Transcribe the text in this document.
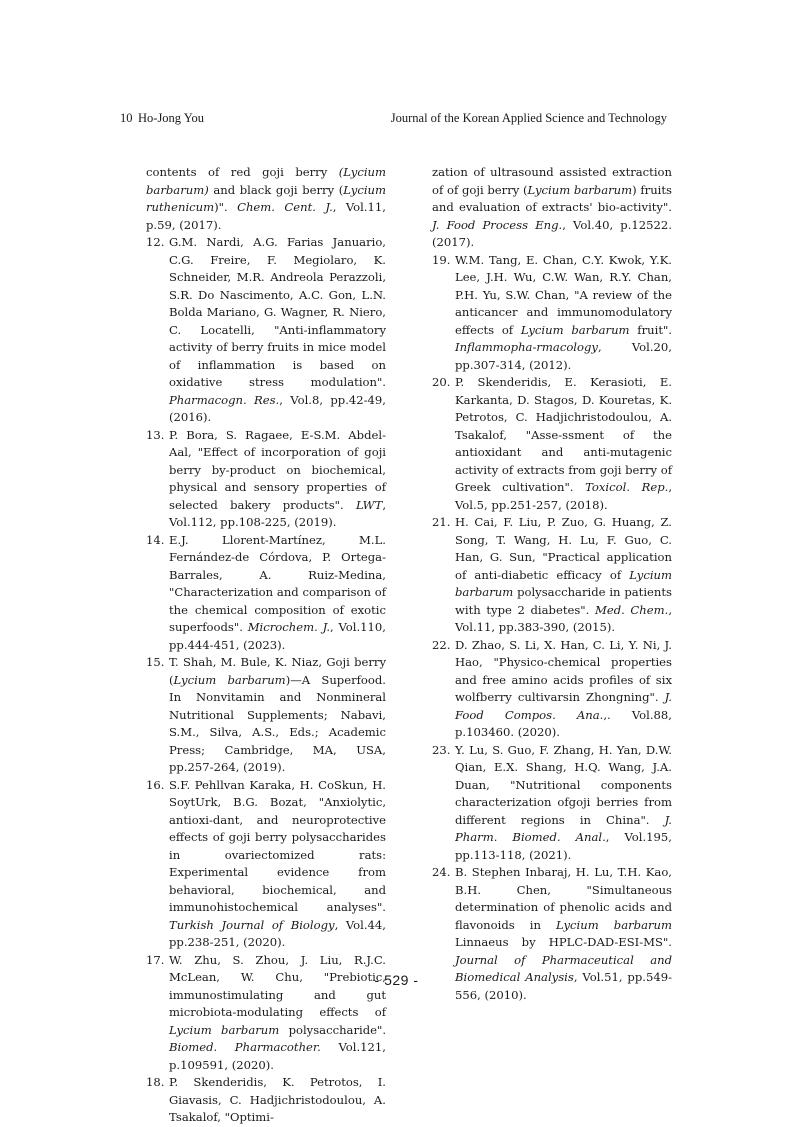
10 Ho-Jong You	Journal of the Korean Applied Science and Technology
contents of red goji berry (Lycium barbarum) and black goji berry (Lycium ruthenicum)". Chem. Cent. J., Vol.11, p.59, (2017).
12. G.M. Nardi, A.G. Farias Januario, C.G. Freire, F. Megiolaro, K. Schneider, M.R. Andreola Perazzoli, S.R. Do Nascimento, A.C. Gon, L.N. Bolda Mariano, G. Wagner, R. Niero, C. Locatelli, "Anti-inflammatory activity of berry fruits in mice model of inflammation is based on oxidative stress modulation". Pharmacogn. Res., Vol.8, pp.42-49, (2016).
13. P. Bora, S. Ragaee, E-S.M. Abdel-Aal, "Effect of incorporation of goji berry by-product on biochemical, physical and sensory properties of selected bakery products". LWT, Vol.112, pp.108-225, (2019).
14. E.J. Llorent-Martínez, M.L. Fernández-de Córdova, P. Ortega-Barrales, A. Ruiz-Medina, "Characterization and comparison of the chemical composition of exotic superfoods". Microchem. J., Vol.110, pp.444-451, (2023).
15. T. Shah, M. Bule, K. Niaz, Goji berry (Lycium barbarum)—A Superfood. In Nonvitamin and Nonmineral Nutritional Supplements; Nabavi, S.M., Silva, A.S., Eds.; Academic Press; Cambridge, MA, USA, pp.257-264, (2019).
16. S.F. Pehllvan Karaka, H. CoSkun, H. SoytUrk, B.G. Bozat, "Anxiolytic, antioxi-dant, and neuroprotective effects of goji berry polysaccharides in ovariectomized rats: Experimental evidence from behavioral, biochemical, and immunohistochemical analyses". Turkish Journal of Biology, Vol.44, pp.238-251, (2020).
17. W. Zhu, S. Zhou, J. Liu, R.J.C. McLean, W. Chu, "Prebiotic, immunostimulating and gut microbiota-modulating effects of Lycium barbarum polysaccharide". Biomed. Pharmacother. Vol.121, p.109591, (2020).
18. P. Skenderidis, K. Petrotos, I. Giavasis, C. Hadjichristodoulou, A. Tsakalof, "Optimi-
zation of ultrasound assisted extraction of of goji berry (Lycium barbarum) fruits and evaluation of extracts' bio-activity". J. Food Process Eng., Vol.40, p.12522. (2017).
19. W.M. Tang, E. Chan, C.Y. Kwok, Y.K. Lee, J.H. Wu, C.W. Wan, R.Y. Chan, P.H. Yu, S.W. Chan, "A review of the anticancer and immunomodulatory effects of Lycium barbarum fruit". Inflammopha-rmacology, Vol.20, pp.307-314, (2012).
20. P. Skenderidis, E. Kerasioti, E. Karkanta, D. Stagos, D. Kouretas, K. Petrotos, C. Hadjichristodoulou, A. Tsakalof, "Asse-ssment of the antioxidant and anti-mutagenic activity of extracts from goji berry of Greek cultivation". Toxicol. Rep., Vol.5, pp.251-257, (2018).
21. H. Cai, F. Liu, P. Zuo, G. Huang, Z. Song, T. Wang, H. Lu, F. Guo, C. Han, G. Sun, "Practical application of anti-diabetic efficacy of Lycium barbarum polysaccharide in patients with type 2 diabetes". Med. Chem., Vol.11, pp.383-390, (2015).
22. D. Zhao, S. Li, X. Han, C. Li, Y. Ni, J. Hao, "Physico-chemical properties and free amino acids profiles of six wolfberry cultivarsin Zhongning". J. Food Compos. Ana.,. Vol.88, p.103460. (2020).
23. Y. Lu, S. Guo, F. Zhang, H. Yan, D.W. Qian, E.X. Shang, H.Q. Wang, J.A. Duan, "Nutritional components characterization ofgoji berries from different regions in China". J. Pharm. Biomed. Anal., Vol.195, pp.113-118, (2021).
24. B. Stephen Inbaraj, H. Lu, T.H. Kao, B.H. Chen, "Simultaneous determination of phenolic acids and flavonoids in Lycium barbarum Linnaeus by HPLC-DAD-ESI-MS". Journal of Pharmaceutical and Biomedical Analysis, Vol.51, pp.549-556, (2010).
- 529 -
